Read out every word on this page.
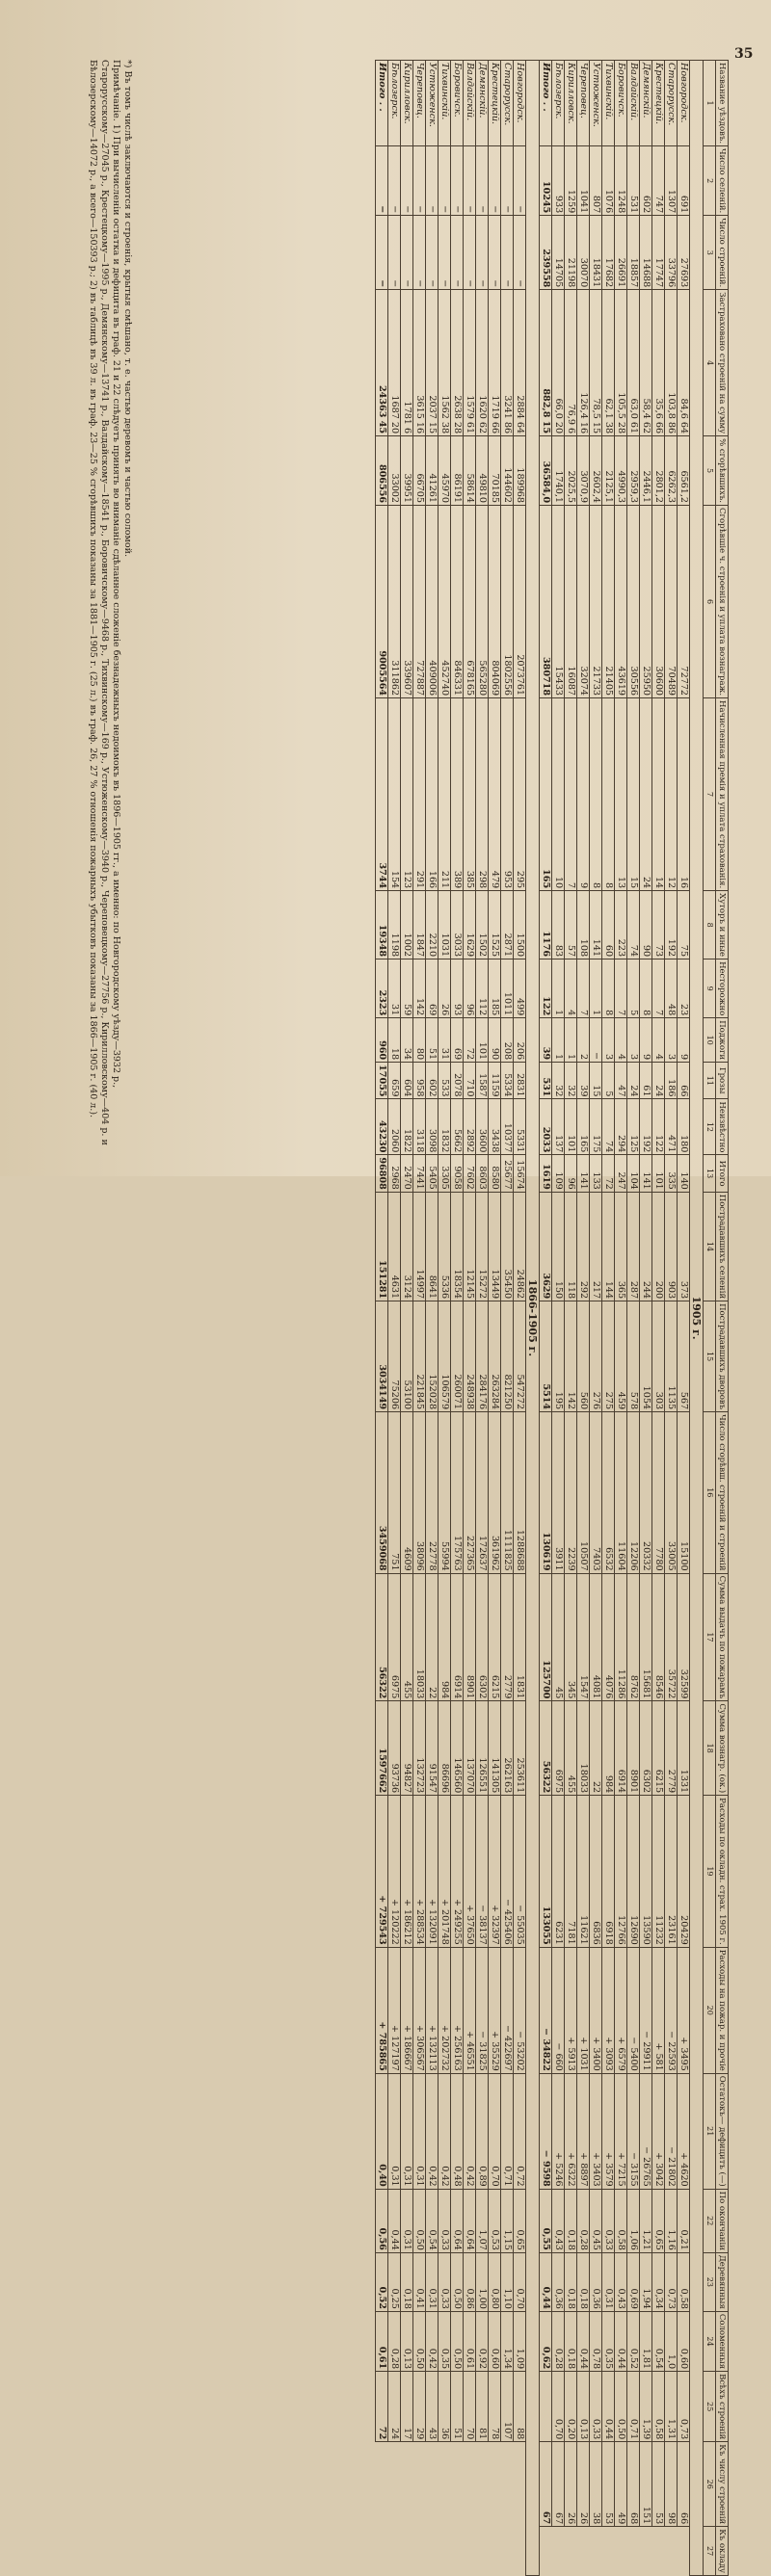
35
Название уѣздовъ.	Число селеній.	Число строеній.	Застраховано строеній на сумму	% сгорѣвшихъ.	Сгорѣвшіе ч. строенія и уплата вознаграж.	Начисленная премія и уплата страхованія.	Хуторъ и иные	Несторожно	Поджоги	Грозы	Неизвѣстно	Итого	Пострадавшихъ селеній	Пострадавшихъ дворовъ	Число сгорѣвш. строеній и строеній	Сумма выдачъ по пожарамъ	Сумма вознагр. (ок.)	Расходы по окладн. страх. 1905 г.	Расходы на пожар. и прочіе	Остатокъ— дефицитъ (—)	По окончаніи	Деревянныя	Соломенныя	Всѣхъ строеній	Къ числу строеній	Къ окладу
1	2	3	4	5	6	7	8	9	10	11	12	13	14	15	16	17	18	19	20	21	22	23	24	25	26	27
1905 г.																										
Новгородск.	691	27693	84,6 64	6561,2	72772	16	75	23	9	66	180	140	373	567	15100	32599	1331	20429	+ 3495	+ 4620	0,21	0,58	0,60	0,73	66	
Старорусск.	1307	33796	103,8 86	6262,3	70489	12	192	48	3	186	471	335	903	1135	33005	35722	2779	23161	− 22593	− 21802	1,16	0,73	1,0	1,31	98	
Крестецкій.	747	17747	35,6 66	2801,2	30600	14	73	7	4	24	122	101	200	303	7780	8546	6215	11232	+ 581	+ 3042	0,65	0,34	0,54	0,58	53	
Демянскій.	602	14688	58,4 62	2446,1	25950	24	90	8	9	61	192	141	244	1054	20332	15681	6302	13590	− 29911	− 26765	1,21	1,94	1,81	1,39	151	
Валдайскій.	531	18857	63,0 61	2959,3	30556	15	74	5	3	24	125	104	287	578	12206	8762	8901	12690	− 5400	− 3155	1,06	0,69	0,52	0,71	68	
Боровичск.	1248	26691	105,5 28	4990,3	43619	13	223	7	4	47	294	247	365	459	11604	11286	6914	12766	+ 6579	+ 7215	0,58	0,43	0,44	0,50	49	
Тихвинскій.	1076	17682	62,1 38	2125,1	21405	8	60	8	3	5	74	72	144	275	6532	4076	984	6918	+ 3093	+ 3579	0,33	0,31	0,35	0,44	53	
Устюженск.	807	18431	78,5 15	2602,4	21733	8	141	1	−	15	175	133	217	276	7403	4081	22	6836	+ 3400	+ 3403	0,45	0,36	0,78	0,33	38	
Череповец.	1041	30070	126,4 16	3070,9	32074	9	108	7	2	39	165	141	292	560	10507	1547	18033	11621	+ 1031	+ 8897	0,28	0,18	0,44	0,13	26	
Кирилловск.	1259	21198	76,9 6	2025,5	16087	7	57	4	1	32	101	96	118	142	2239	345	455	7181	+ 5913	+ 6322	0,18	0,18	0,18	0,20	26	
Бѣлозерск.	933	14705	66,0 20	1740,1	15433	10	83	1	1	32	137	109	150	195	3911	45	6975	6231	− 660	+ 5246	0,43	0,36	0,28	0,70	67	
Итого . .	10245	239558	882,8 15	36584,0	380718	165	1176	122	39	531	2033	1619	3629	5514	130619	125700	56322	133055	− 34822	− 9598	0,55	0,44	0,62		67	
1866-1905 г.																										
Новгородск.	−	−	2884 64	189968	2073761	295	1500	499	206	2831	5331	15674	24862	547272	1288688	1831	253611	− 55035	− 53202	0,72	0,65	0,70	1,09	88		
Старорусск.	−	−	3241 86	144602	1802556	953	2871	1011	208	5334	10377	25677	35450	821250	1111825	2779	262163	− 425406	− 422697	0,71	1,15	1,10	1,34	107		
Крестецкій.	−	−	1719 66	70185	804069	479	1525	185	90	1159	3438	8580	13449	263284	361962	6215	141305	+ 32397	+ 35529	0,70	0,53	0,80	0,60	78		
Демянскій.	−	−	1620 62	49810	565280	298	1502	112	101	1587	3600	8603	15272	284176	172637	6302	126551	− 38137	− 31825	0,89	1,07	1,00	0,92	81		
Валдайскій.	−	−	1579 61	58614	678165	385	1629	96	72	710	2892	7602	12145	248938	227365	8901	137070	+ 37650	+ 46551	0,42	0,64	0,86	0,61	70		
Боровичск.	−	−	2638 28	86191	846331	389	3033	93	69	2078	5662	9058	18354	260071	175763	6914	146560	+ 249255	+ 256163	0,48	0,64	0,50	0,50	51		
Тихвинскій.	−	−	1562 38	45970	452740	211	1031	26	31	533	1832	3305	5336	106579	55994	984	86696	+ 201748	+ 202732	0,42	0,33	0,33	0,35	36		
Устюженск.	−	−	2037 15	41261	409006	166	2210	69	51	602	3098	5405	8641	152028	22778	22	91547	+ 132091	+ 132113	0,42	0,54	0,31	0,42	43		
Череповец.	−	−	3615 16	66705	727887	291	1847	142	80	958	3118	7441	14997	221845	38096	18033	132723	+ 288534	+ 306567	0,31	0,50	0,41	0,50	29		
Кирилловск.	−	−	1781 6	39951	339607	123	1002	59	34	604	1822	2470	3124	53100	4609	455	94827	+ 186212	+ 186667	0,31	0,31	0,18	0,13	17		
Бѣлозерск.	−	−	1687 20	33002	311862	154	1198	31	18	659	2060	2968	4631	75206	751	6975	93736	+ 120222	+ 127197	0,31	0,44	0,25	0,28	24		
Итого . .	−	−	24363 45	806556	9005564	3744	19348	2323	960	17055	43230	96808	151281	3034149	3459068	56322	1597662	+ 729543	+ 785865	0,40	0,56	0,52	0,61	72		

*) Въ томъ числѣ заключаются и строенія, крытыя смѣшано, т. е. частью деревомъ и частью соломой.

Примѣчаніе. 1) При вычисленіи остатка и дефицита въ граф. 21 и 22 слѣдуетъ принять во вниманіе сдѣланное сложеніе безнадежныхъ недоимокъ въ 1896—1905 гг., а именно: по Новгородскому уѣзду—3932 р., Старорусскому—27045 р., Крестецкому—1995 р., Демянскому—13741 р., Валдайскому—18541 р., Боровичскому—9468 р., Тихвинскому—169 р., Устюженскому—3940 р., Череповецкому—27756 р., Кирилловскому—404 р. и Бѣлозерскому—14072 р., а всего—150393 р.; 2) въ таблицѣ въ 39 л. въ граф. 23—25 % сгорѣвшихъ показаны за 1881—1905 г. (25 л.) въ граф. 26, 27 % отношенія пожарныхъ убытковъ показаны за 1866—1905 г. (40 л.).
